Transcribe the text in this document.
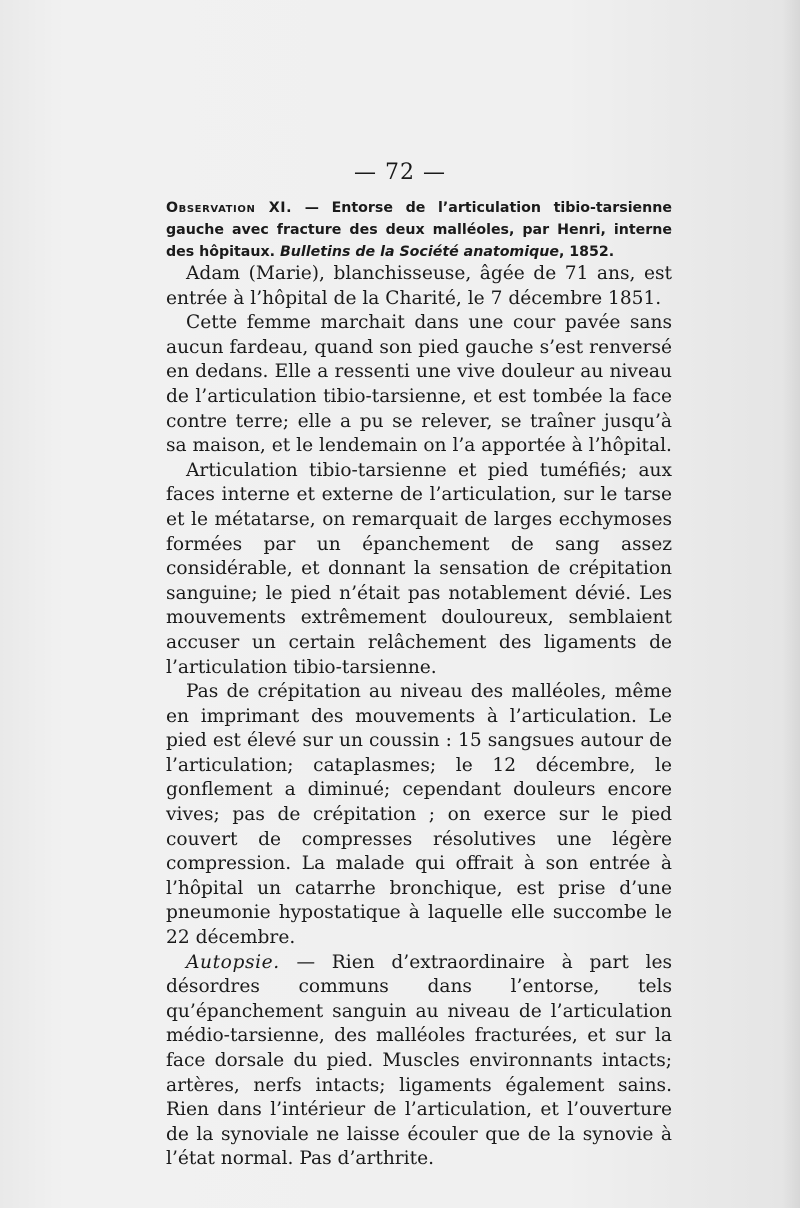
— 72 —
Observation XI. — Entorse de l’articulation tibio-tarsienne gauche avec fracture des deux malléoles, par Henri, interne des hôpitaux. Bulletins de la Société anatomique, 1852.

Adam (Marie), blanchisseuse, âgée de 71 ans, est entrée à l’hôpital de la Charité, le 7 décembre 1851.

Cette femme marchait dans une cour pavée sans aucun fardeau, quand son pied gauche s’est renversé en dedans. Elle a ressenti une vive douleur au niveau de l’articulation tibio-tarsienne, et est tombée la face contre terre; elle a pu se relever, se traîner jusqu’à sa maison, et le lendemain on l’a apportée à l’hôpital.

Articulation tibio-tarsienne et pied tuméfiés; aux faces interne et externe de l’articulation, sur le tarse et le métatarse, on remarquait de larges ecchymoses formées par un épanchement de sang assez considérable, et donnant la sensation de crépitation sanguine; le pied n’était pas notablement dévié. Les mouvements extrêmement douloureux, semblaient accuser un certain relâchement des ligaments de l’articulation tibio-tarsienne.

Pas de crépitation au niveau des malléoles, même en imprimant des mouvements à l’articulation. Le pied est élevé sur un coussin : 15 sangsues autour de l’articulation; cataplasmes; le 12 décembre, le gonflement a diminué; cependant douleurs encore vives; pas de crépitation ; on exerce sur le pied couvert de compresses résolutives une légère compression. La malade qui offrait à son entrée à l’hôpital un catarrhe bronchique, est prise d’une pneumonie hypostatique à laquelle elle succombe le 22 décembre.

Autopsie. — Rien d’extraordinaire à part les désordres communs dans l’entorse, tels qu’épanchement sanguin au niveau de l’articulation médio-tarsienne, des malléoles fracturées, et sur la face dorsale du pied. Muscles environnants intacts; artères, nerfs intacts; ligaments également sains. Rien dans l’intérieur de l’articulation, et l’ouverture de la synoviale ne laisse écouler que de la synovie à l’état normal. Pas d’arthrite.
